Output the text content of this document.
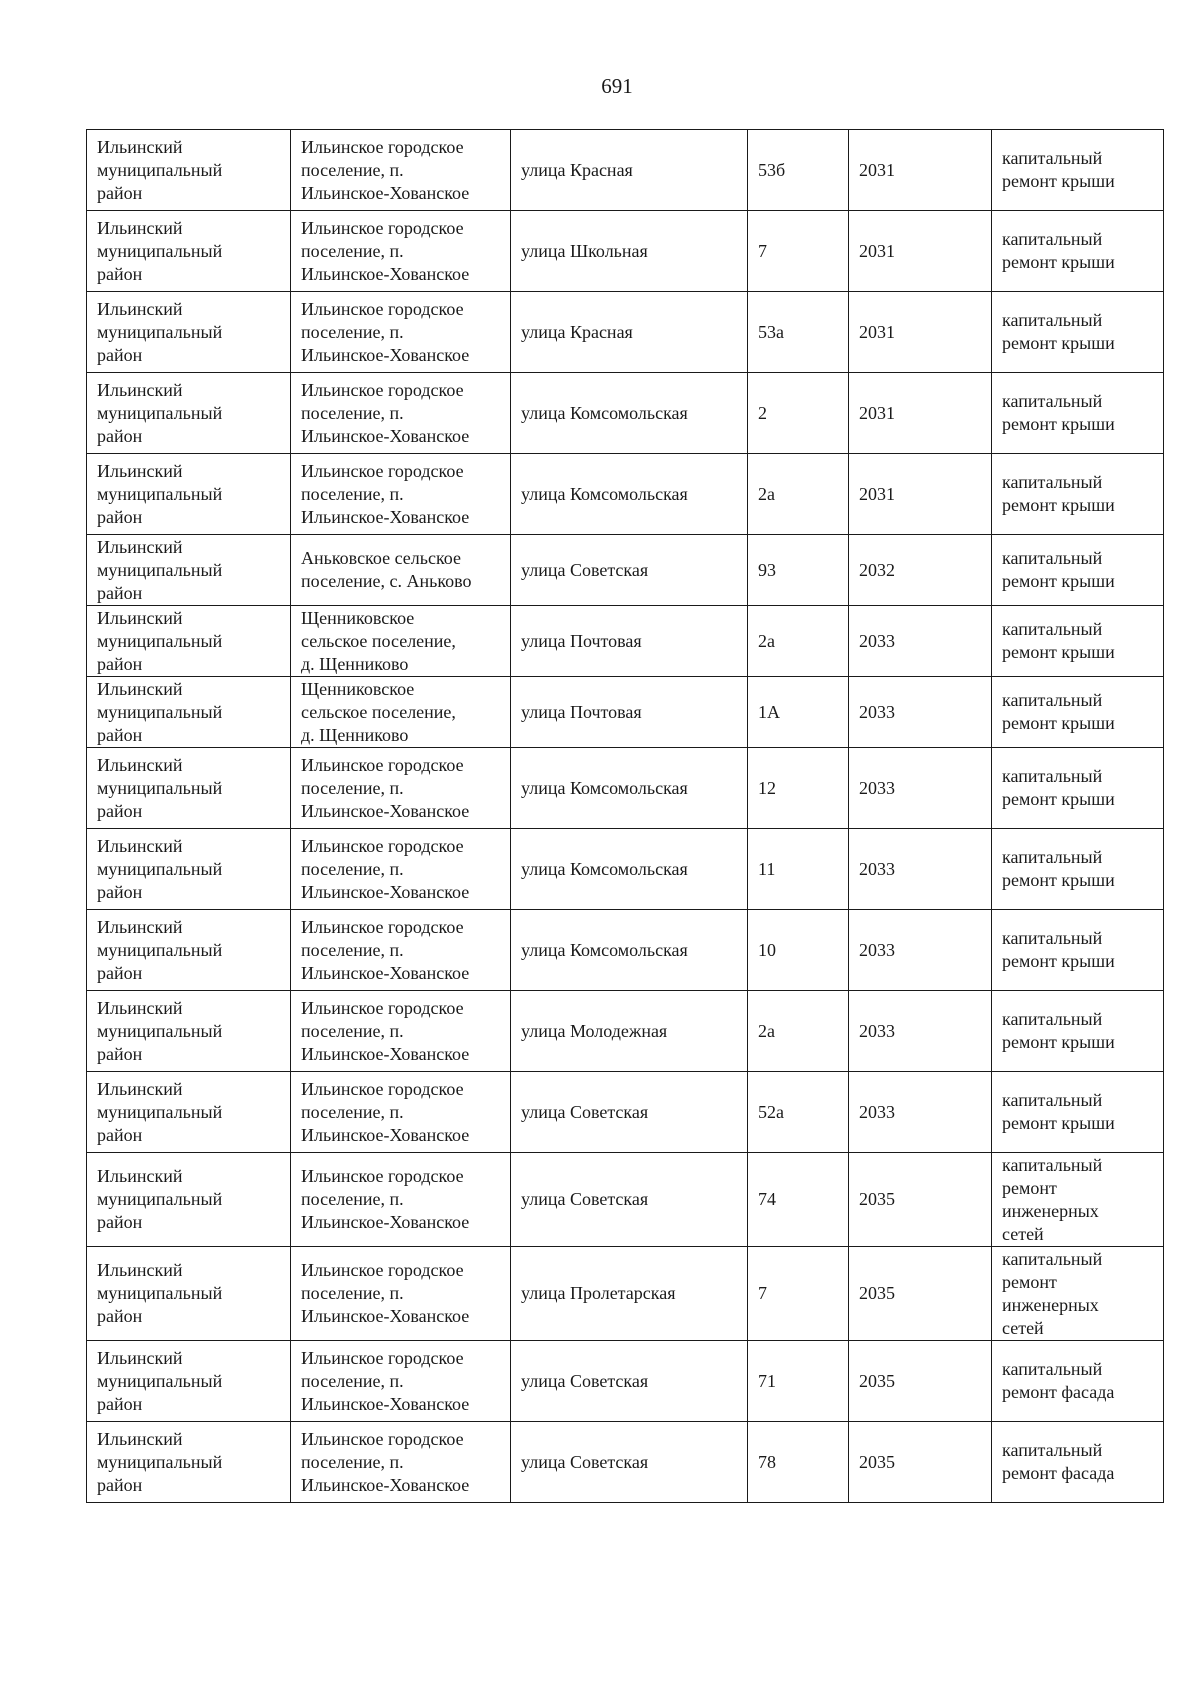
691
Ильинский
муниципальный
район	Ильинское городское
поселение, п.
Ильинское-Хованское	улица Красная	53б	2031	капитальный
ремонт крыши

Ильинский
муниципальный
район	Ильинское городское
поселение, п.
Ильинское-Хованское	улица Школьная	7	2031	капитальный
ремонт крыши

Ильинский
муниципальный
район	Ильинское городское
поселение, п.
Ильинское-Хованское	улица Красная	53а	2031	капитальный
ремонт крыши

Ильинский
муниципальный
район	Ильинское городское
поселение, п.
Ильинское-Хованское	улица Комсомольская	2	2031	капитальный
ремонт крыши

Ильинский
муниципальный
район	Ильинское городское
поселение, п.
Ильинское-Хованское	улица Комсомольская	2а	2031	капитальный
ремонт крыши

Ильинский
муниципальный
район	Аньковское сельское
поселение, с. Аньково	улица Советская	93	2032	капитальный
ремонт крыши

Ильинский
муниципальный
район	Щенниковское
сельское поселение,
д. Щенниково	улица Почтовая	2а	2033	капитальный
ремонт крыши

Ильинский
муниципальный
район	Щенниковское
сельское поселение,
д. Щенниково	улица Почтовая	1А	2033	капитальный
ремонт крыши

Ильинский
муниципальный
район	Ильинское городское
поселение, п.
Ильинское-Хованское	улица Комсомольская	12	2033	капитальный
ремонт крыши

Ильинский
муниципальный
район	Ильинское городское
поселение, п.
Ильинское-Хованское	улица Комсомольская	11	2033	капитальный
ремонт крыши

Ильинский
муниципальный
район	Ильинское городское
поселение, п.
Ильинское-Хованское	улица Комсомольская	10	2033	капитальный
ремонт крыши

Ильинский
муниципальный
район	Ильинское городское
поселение, п.
Ильинское-Хованское	улица Молодежная	2а	2033	капитальный
ремонт крыши

Ильинский
муниципальный
район	Ильинское городское
поселение, п.
Ильинское-Хованское	улица Советская	52а	2033	капитальный
ремонт крыши

Ильинский
муниципальный
район	Ильинское городское
поселение, п.
Ильинское-Хованское	улица Советская	74	2035	капитальный
ремонт
инженерных
сетей

Ильинский
муниципальный
район	Ильинское городское
поселение, п.
Ильинское-Хованское	улица Пролетарская	7	2035	капитальный
ремонт
инженерных
сетей

Ильинский
муниципальный
район	Ильинское городское
поселение, п.
Ильинское-Хованское	улица Советская	71	2035	капитальный
ремонт фасада

Ильинский
муниципальный
район	Ильинское городское
поселение, п.
Ильинское-Хованское	улица Советская	78	2035	капитальный
ремонт фасада
